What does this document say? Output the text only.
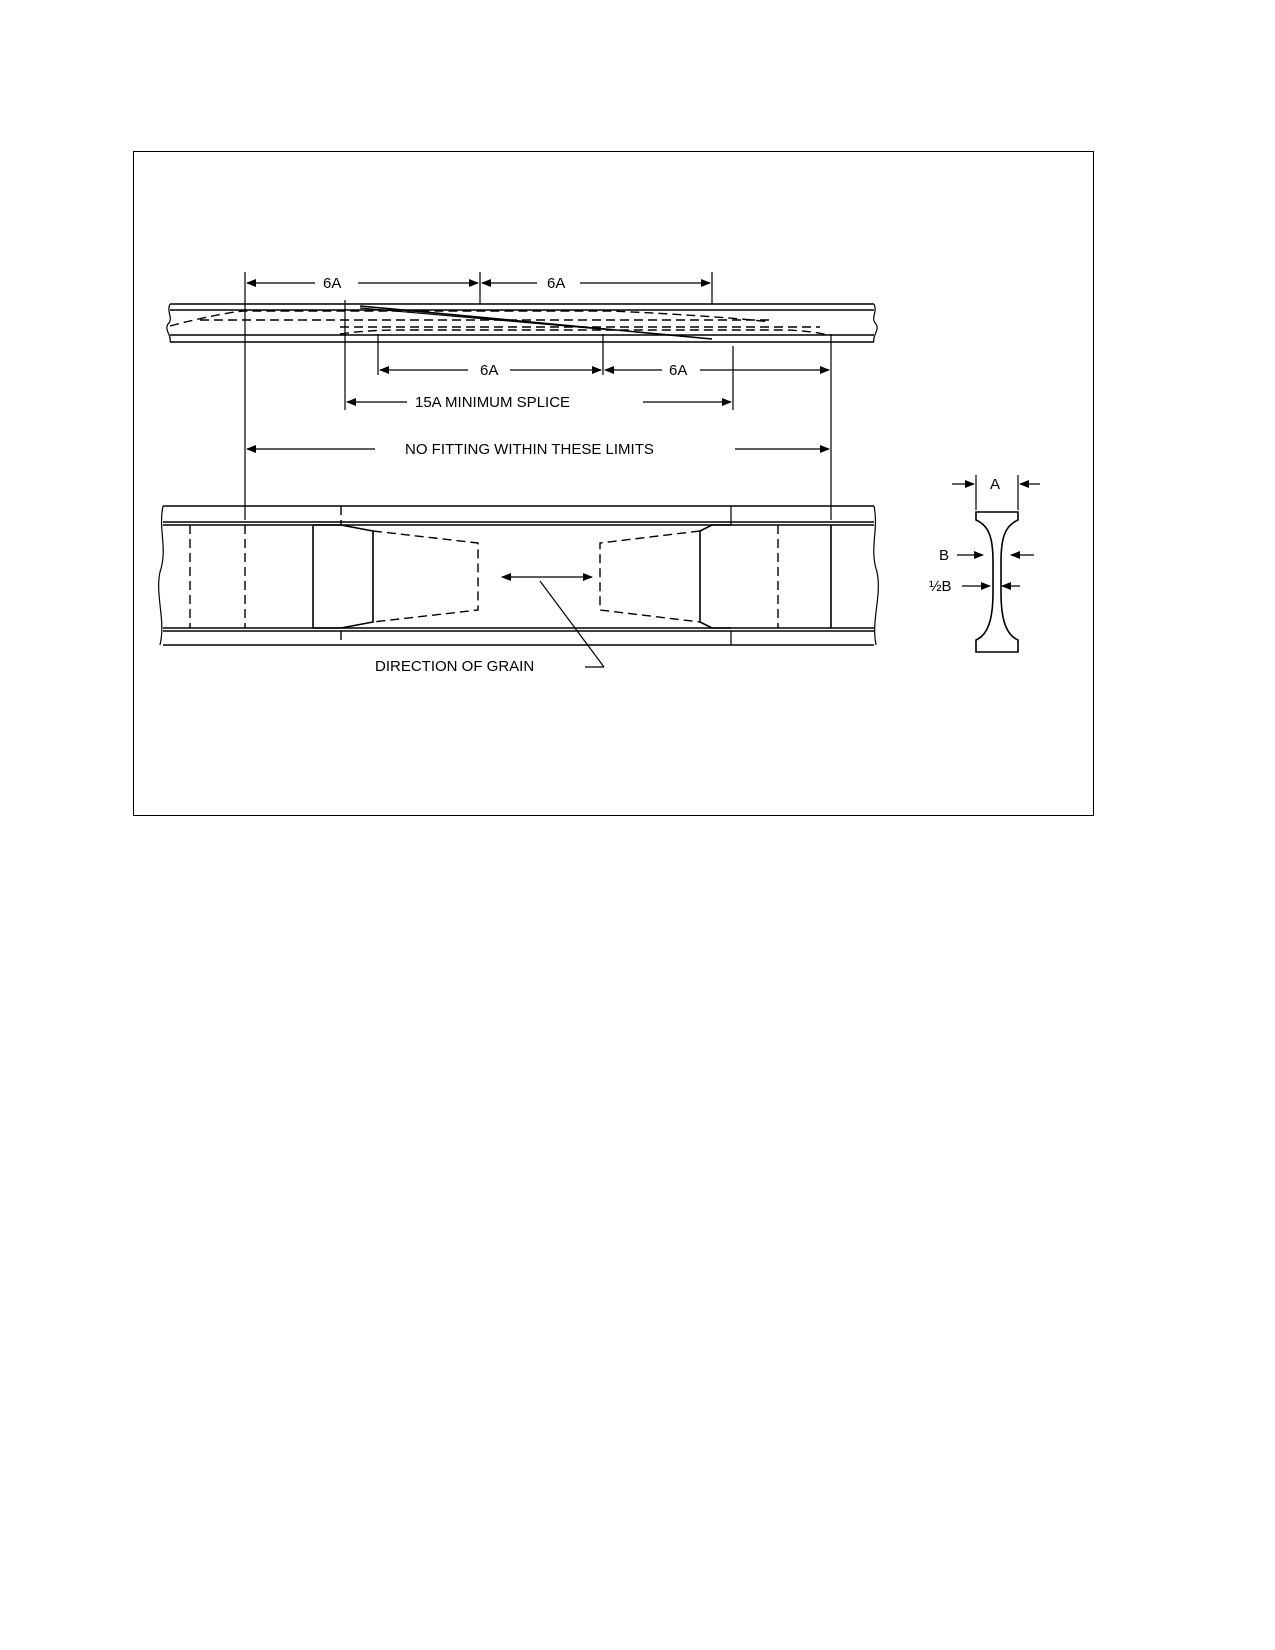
6A	6A
6A	6A
15A MINIMUM SPLICE
NO FITTING WITHIN THESE LIMITS
DIRECTION OF GRAIN
A
B
½B
